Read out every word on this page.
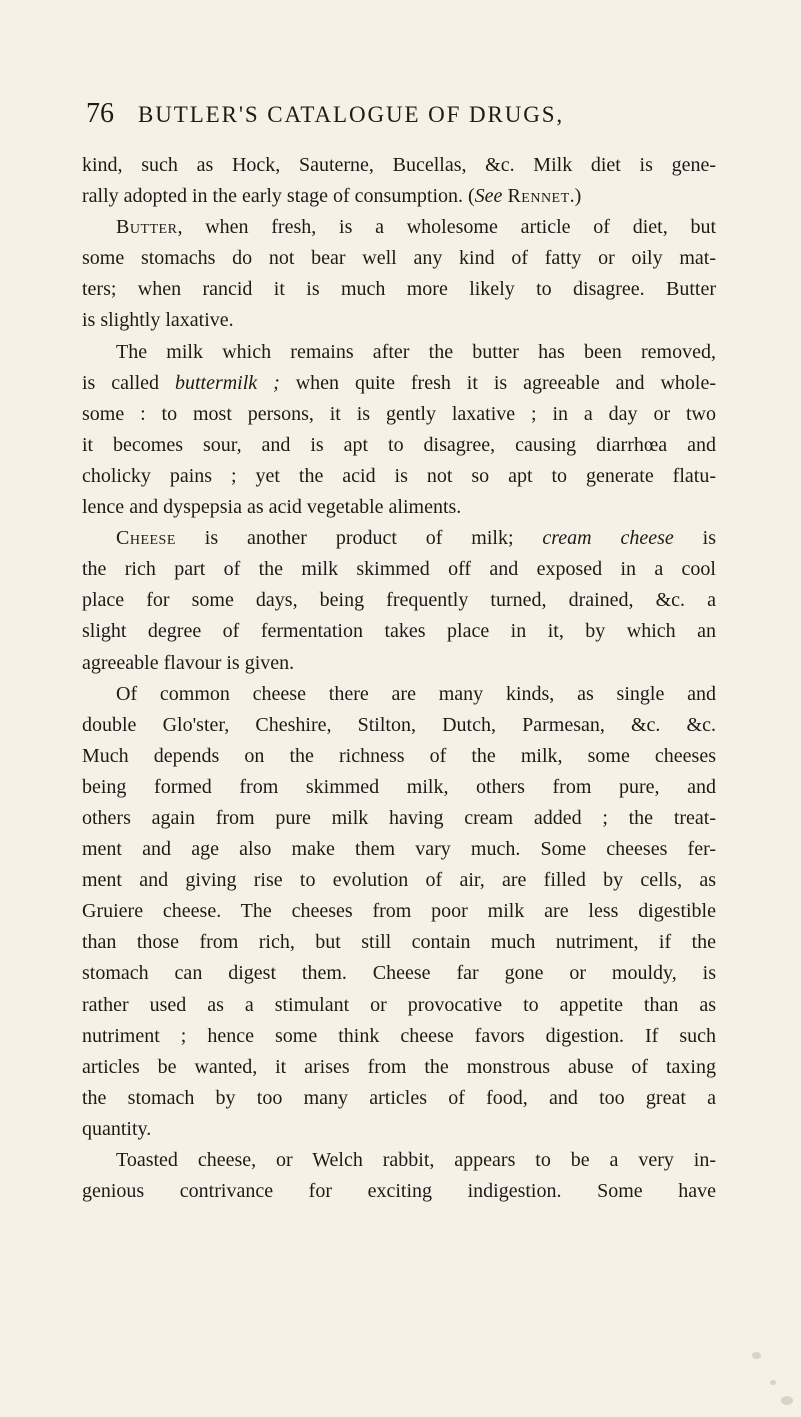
76 BUTLER'S CATALOGUE OF DRUGS,
kind, such as Hock, Sauterne, Bucellas, &c. Milk diet is gene-
rally adopted in the early stage of consumption. (See Rennet.)
Butter, when fresh, is a wholesome article of diet, but
some stomachs do not bear well any kind of fatty or oily mat-
ters; when rancid it is much more likely to disagree. Butter
is slightly laxative.
The milk which remains after the butter has been removed,
is called buttermilk ; when quite fresh it is agreeable and whole-
some : to most persons, it is gently laxative ; in a day or two
it becomes sour, and is apt to disagree, causing diarrhœa and
cholicky pains ; yet the acid is not so apt to generate flatu-
lence and dyspepsia as acid vegetable aliments.
Cheese is another product of milk; cream cheese is
the rich part of the milk skimmed off and exposed in a cool
place for some days, being frequently turned, drained, &c. a
slight degree of fermentation takes place in it, by which an
agreeable flavour is given.
Of common cheese there are many kinds, as single and
double Glo'ster, Cheshire, Stilton, Dutch, Parmesan, &c. &c.
Much depends on the richness of the milk, some cheeses
being formed from skimmed milk, others from pure, and
others again from pure milk having cream added ; the treat-
ment and age also make them vary much. Some cheeses fer-
ment and giving rise to evolution of air, are filled by cells, as
Gruiere cheese. The cheeses from poor milk are less digestible
than those from rich, but still contain much nutriment, if the
stomach can digest them. Cheese far gone or mouldy, is
rather used as a stimulant or provocative to appetite than as
nutriment ; hence some think cheese favors digestion. If such
articles be wanted, it arises from the monstrous abuse of taxing
the stomach by too many articles of food, and too great a
quantity.
Toasted cheese, or Welch rabbit, appears to be a very in-
genious contrivance for exciting indigestion. Some have
